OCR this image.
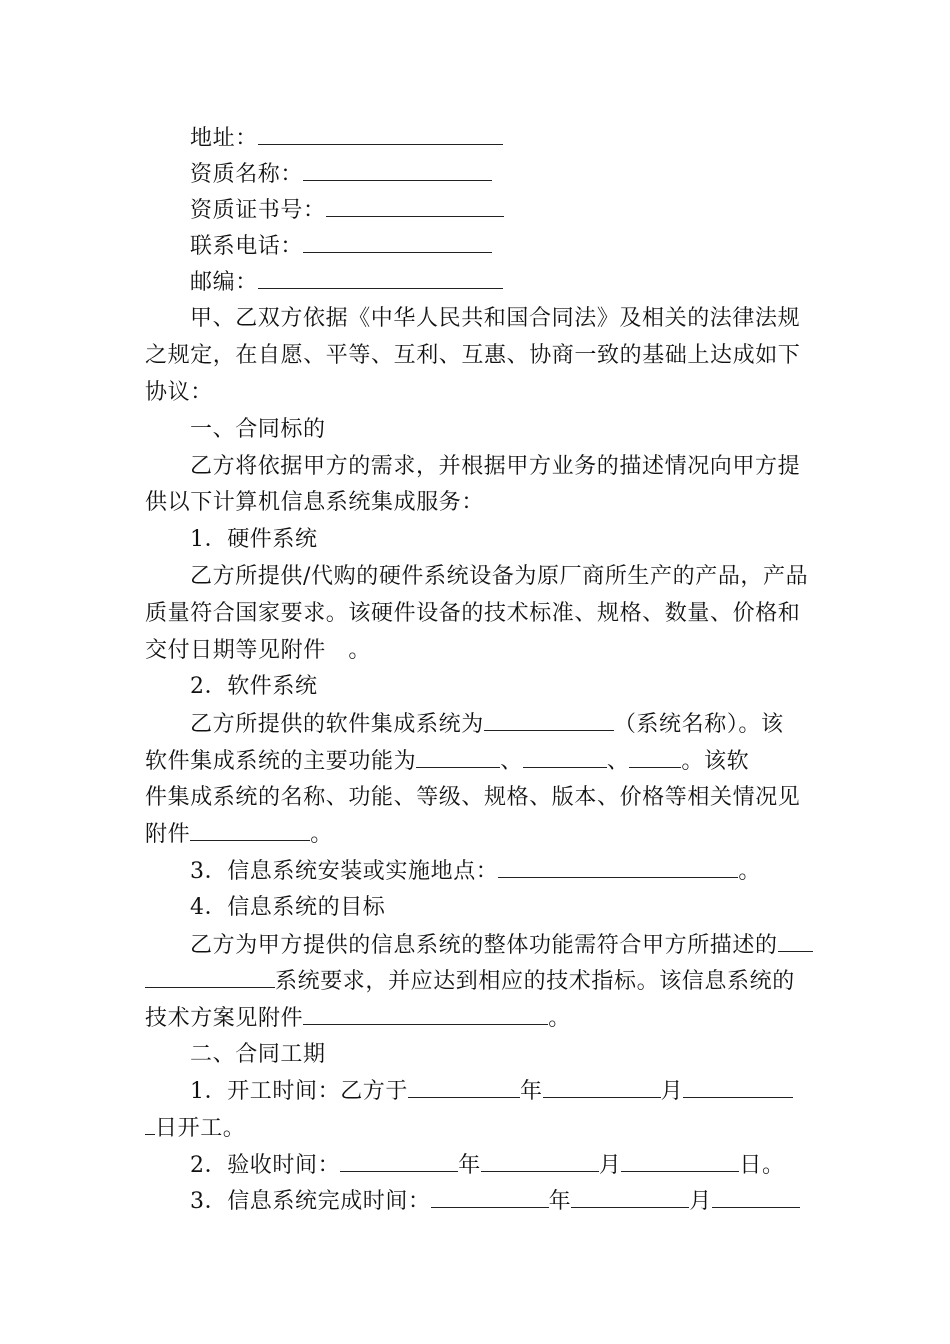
地址：
资质名称：
资质证书号：
联系电话：
邮编：
甲、乙双方依据《中华人民共和国合同法》及相关的法律法规
之规定，在自愿、平等、互利、互惠、协商一致的基础上达成如下
协议：
一、合同标的
乙方将依据甲方的需求，并根据甲方业务的描述情况向甲方提
供以下计算机信息系统集成服务：
1．硬件系统
乙方所提供/代购的硬件系统设备为原厂商所生产的产品，产品
质量符合国家要求。该硬件设备的技术标准、规格、数量、价格和
交付日期等见附件　。
2．软件系统
乙方所提供的软件集成系统为	（系统名称）。该
软件集成系统的主要功能为	、	、 。该软
件集成系统的名称、功能、等级、规格、版本、价格等相关情况见
附件	。
3．信息系统安装或实施地点：	。
4．信息系统的目标
乙方为甲方提供的信息系统的整体功能需符合甲方所描述的
系统要求，并应达到相应的技术指标。该信息系统的
技术方案见附件	。
二、合同工期
1．开工时间：乙方于	年	月
日开工。
2．验收时间：	年	月	日。
3．信息系统完成时间：	年	月
